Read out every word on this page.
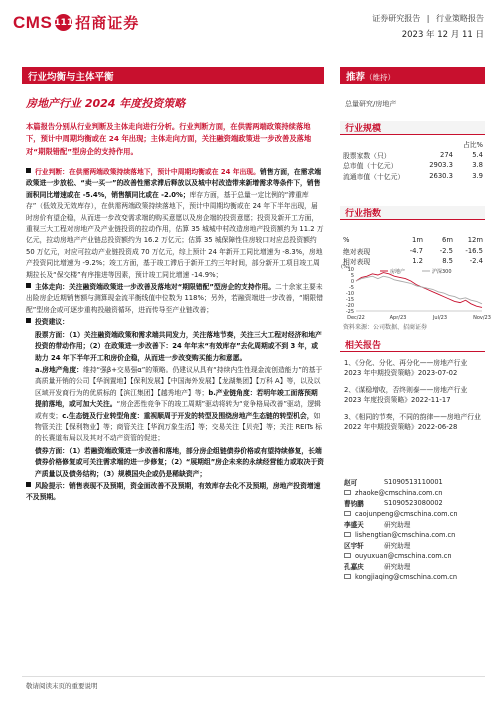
CMS 111 招商证券	证券研究报告 | 行业策略报告
2023 年 12 月 11 日
行业均衡与主体平衡	推荐（维持）
房地产行业 2024 年度投资策略	总量研究/房地产
本篇报告分别从行业判断及主体走向进行分析。行业判断方面，在供需两端政策持续落地下，预计中周期均衡或在 24 年出现；主体走向方面，关注融资端政策进一步改善及落地对“期限错配”型房企的支持作用。

行业判断：在供需两端政策持续落地下，预计中周期均衡或在 24 年出现。销售方面，在需求端政策进一步放松、“卖一买一”的改善性需求滞后释放以及城中村改造带来新增需求等条件下，销售面积同比增速或在 -5.4%，销售额同比或在 -2.0%；库存方面，基于总量一定比例的“滞重库存”（低效及无效库存），在供需两端政策持续落地下，预计中周期均衡或在 24 年下半年出现，届时房价有望企稳，从而进一步改变需求端的购买意愿以及房企端的投资意愿；投资及新开工方面，重视三大工程对房地产及产业链投资的拉动作用，估算 35 城城中村改造房地产投资额约为 11.2 万亿元，拉动房地产产业链总投资额约为 16.2 万亿元；估算 35 城保障性住房较口对应总投资额约 50 万亿元，对应可拉动产业链投资成 70 万亿元，综上预计 24 年新开工同比增速为 -8.3%，房地产投资同比增速为 -9.2%；竣工方面，基于竣工滞后于新开工约三年时间，部分新开工项目竣工周期拉长及“保交楼”有序推进等因素，预计竣工同比增速 -14.9%；

主体走向：关注融资端政策进一步改善及落地对“期限错配”型房企的支持作用。二十余家主要未出险房企近期销售额与测算现金流平衡线值中位数为 118%；另外，若融资端进一步改善，“期限错配”型房企或可逐步重构投融资循环，进而传导至产业链改善；

投资建议：

股票方面：（1）关注融资端政策和需求端共同发力，关注落地节奏，关注三大工程对经济和地产投资的带动作用；（2）在政策进一步改善下：24 年年末“有效库存”去化周期或不到 3 年，或助力 24 年下半年开工和房价企稳，从而进一步改变购买能力和意愿。

a.房地产角度：维持“强β+交易强α”的策略。仍建议从具有“持续内生性现金流创造能力”的基于高质量开销的公司【华润置地】【保利发展】【中国海外发展】【龙湖集团】【万科 A】等，以及以区域开发商行为的优质标的【滨江集团】【越秀地产】等；b.产业链角度：若明年竣工面落预期提前落地，或可加大关注。“房企恶性竞争下的竣工周期”驱动将转为“竞争格局改善”驱动，逻辑或有变；c.生态链及行业转型角度：重视顺周于开发的转型及围绕房地产生态链的转型机会，如物管关注【保利物业】等；商管关注【华润万象生活】等；交易关注【贝壳】等；关注 REITs 标的长赛道布局以及其对不动产资管的促进；

债券方面：（1）若融资端政策进一步改善和落地，部分房企组链债券价格或有望持续修复，长端债券价格修复或可关注需求端的进一步修复；（2）“展期组”房企未来的永续经营能力或取决于资产质量以及债务结构；（3）规模国央企或仍是稀缺资产；

风险提示：销售表现不及预期，资金面改善不及预期，有效库存去化不及预期，房地产投资增速不及预期。

行业规模
占比%
股票家数（只）	274	5.4
总市值（十亿元）	2903.3	3.8
流通市值（十亿元）	2630.3	3.9
行业指数
%	1m	6m	12m
绝对表现	-4.7	-2.5	-16.5
相对表现	1.2	8.5	-2.4
(%)
10
5
0
-5
-10
-15
-20
-25
Dec/22	Apr/23	Jul/23	Nov/23
房地产	沪深300
资料来源：公司数据、招商证券
相关报告
1、《分化、分化、再分化——房地产行业 2023 年中期投资策略》2023-07-02
2、《谋稳增收，否终则泰——房地产行业 2023 年度投资策略》2022-11-17
3、《相同的节奏，不同的韵律——房地产行业 2022 年中期投资策略》2022-06-28
赵可	S1090513110001
zhaoke@cmschina.com.cn
曹钧鹏	S1090523080002
caojunpeng@cmschina.com.cn
李盛天	研究助理
lishengtian@cmschina.com.cn
区宇轩	研究助理
ouyuxuan@cmschina.com.cn
孔嘉庆	研究助理
kongjiaqing@cmschina.com.cn
敬请阅读末页的重要说明
